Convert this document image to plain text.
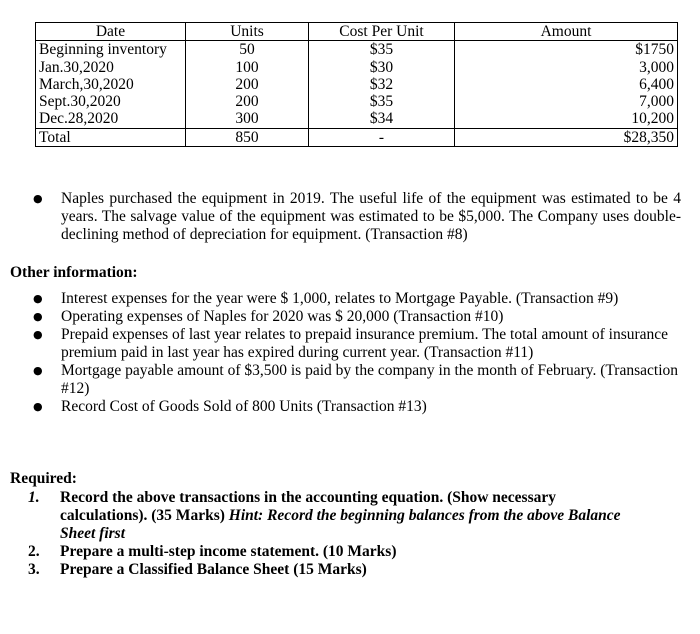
Date	Units	Cost Per Unit	Amount
Beginning inventory	50	$35	$1750
Jan.30,2020	100	$30	3,000
March,30,2020	200	$32	6,400
Sept.30,2020	200	$35	7,000
Dec.28,2020	300	$34	10,200
Total	850	-	$28,350
●	Naples purchased the equipment in 2019. The useful life of the equipment was estimated to be 4 years. The salvage value of the equipment was estimated to be $5,000. The Company uses double-declining method of depreciation for equipment. (Transaction #8)
Other information:
●	Interest expenses for the year were $ 1,000, relates to Mortgage Payable. (Transaction #9)
●	Operating expenses of Naples for 2020 was $ 20,000 (Transaction #10)
●	Prepaid expenses of last year relates to prepaid insurance premium. The total amount of insurance premium paid in last year has expired during current year. (Transaction #11)
●	Mortgage payable amount of $3,500 is paid by the company in the month of February. (Transaction #12)
●	Record Cost of Goods Sold of 800 Units (Transaction #13)
Required:
1.	Record the above transactions in the accounting equation. (Show necessary calculations). (35 Marks) Hint: Record the beginning balances from the above Balance Sheet first
2.	Prepare a multi-step income statement. (10 Marks)
3.	Prepare a Classified Balance Sheet (15 Marks)
